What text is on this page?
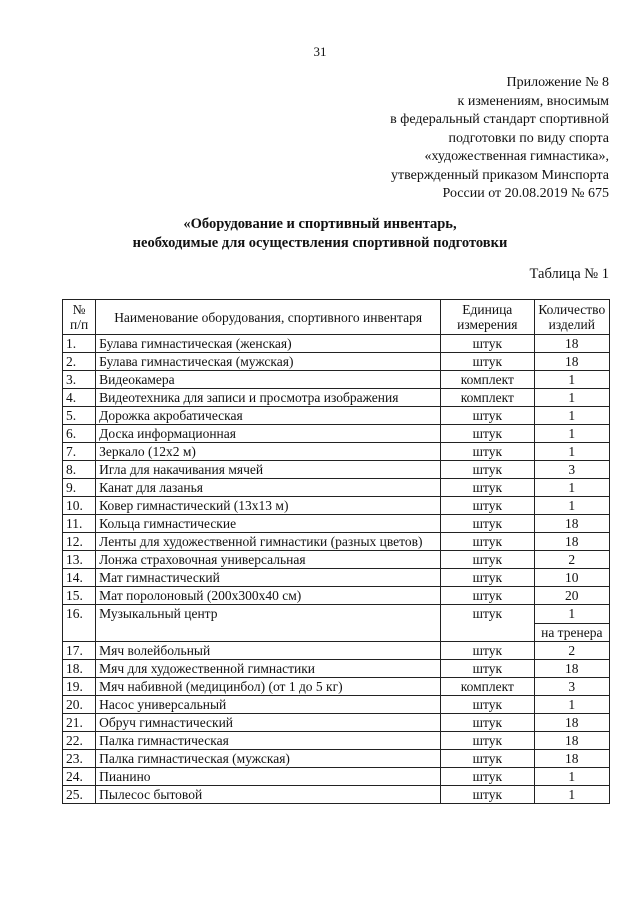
31
Приложение № 8
к изменениям, вносимым
в федеральный стандарт спортивной
подготовки по виду спорта
«художественная гимнастика»,
утвержденный приказом Минспорта
России от 20.08.2019 № 675
«Оборудование и спортивный инвентарь,
необходимые для осуществления спортивной подготовки
Таблица № 1
№ п/п	Наименование оборудования, спортивного инвентаря	Единица измерения	Количество изделий
1.	Булава гимнастическая (женская)	штук	18
2.	Булава гимнастическая (мужская)	штук	18
3.	Видеокамера	комплект	1
4.	Видеотехника для записи и просмотра изображения	комплект	1
5.	Дорожка акробатическая	штук	1
6.	Доска информационная	штук	1
7.	Зеркало (12x2 м)	штук	1
8.	Игла для накачивания мячей	штук	3
9.	Канат для лазанья	штук	1
10.	Ковер гимнастический (13x13 м)	штук	1
11.	Кольца гимнастические	штук	18
12.	Ленты для художественной гимнастики (разных цветов)	штук	18
13.	Лонжа страховочная универсальная	штук	2
14.	Мат гимнастический	штук	10
15.	Мат поролоновый (200x300x40 см)	штук	20
16.	Музыкальный центр	штук	1
на тренера

17.	Мяч волейбольный	штук	2
18.	Мяч для художественной гимнастики	штук	18
19.	Мяч набивной (медицинбол) (от 1 до 5 кг)	комплект	3
20.	Насос универсальный	штук	1
21.	Обруч гимнастический	штук	18
22.	Палка гимнастическая	штук	18
23.	Палка гимнастическая (мужская)	штук	18
24.	Пианино	штук	1
25.	Пылесос бытовой	штук	1
